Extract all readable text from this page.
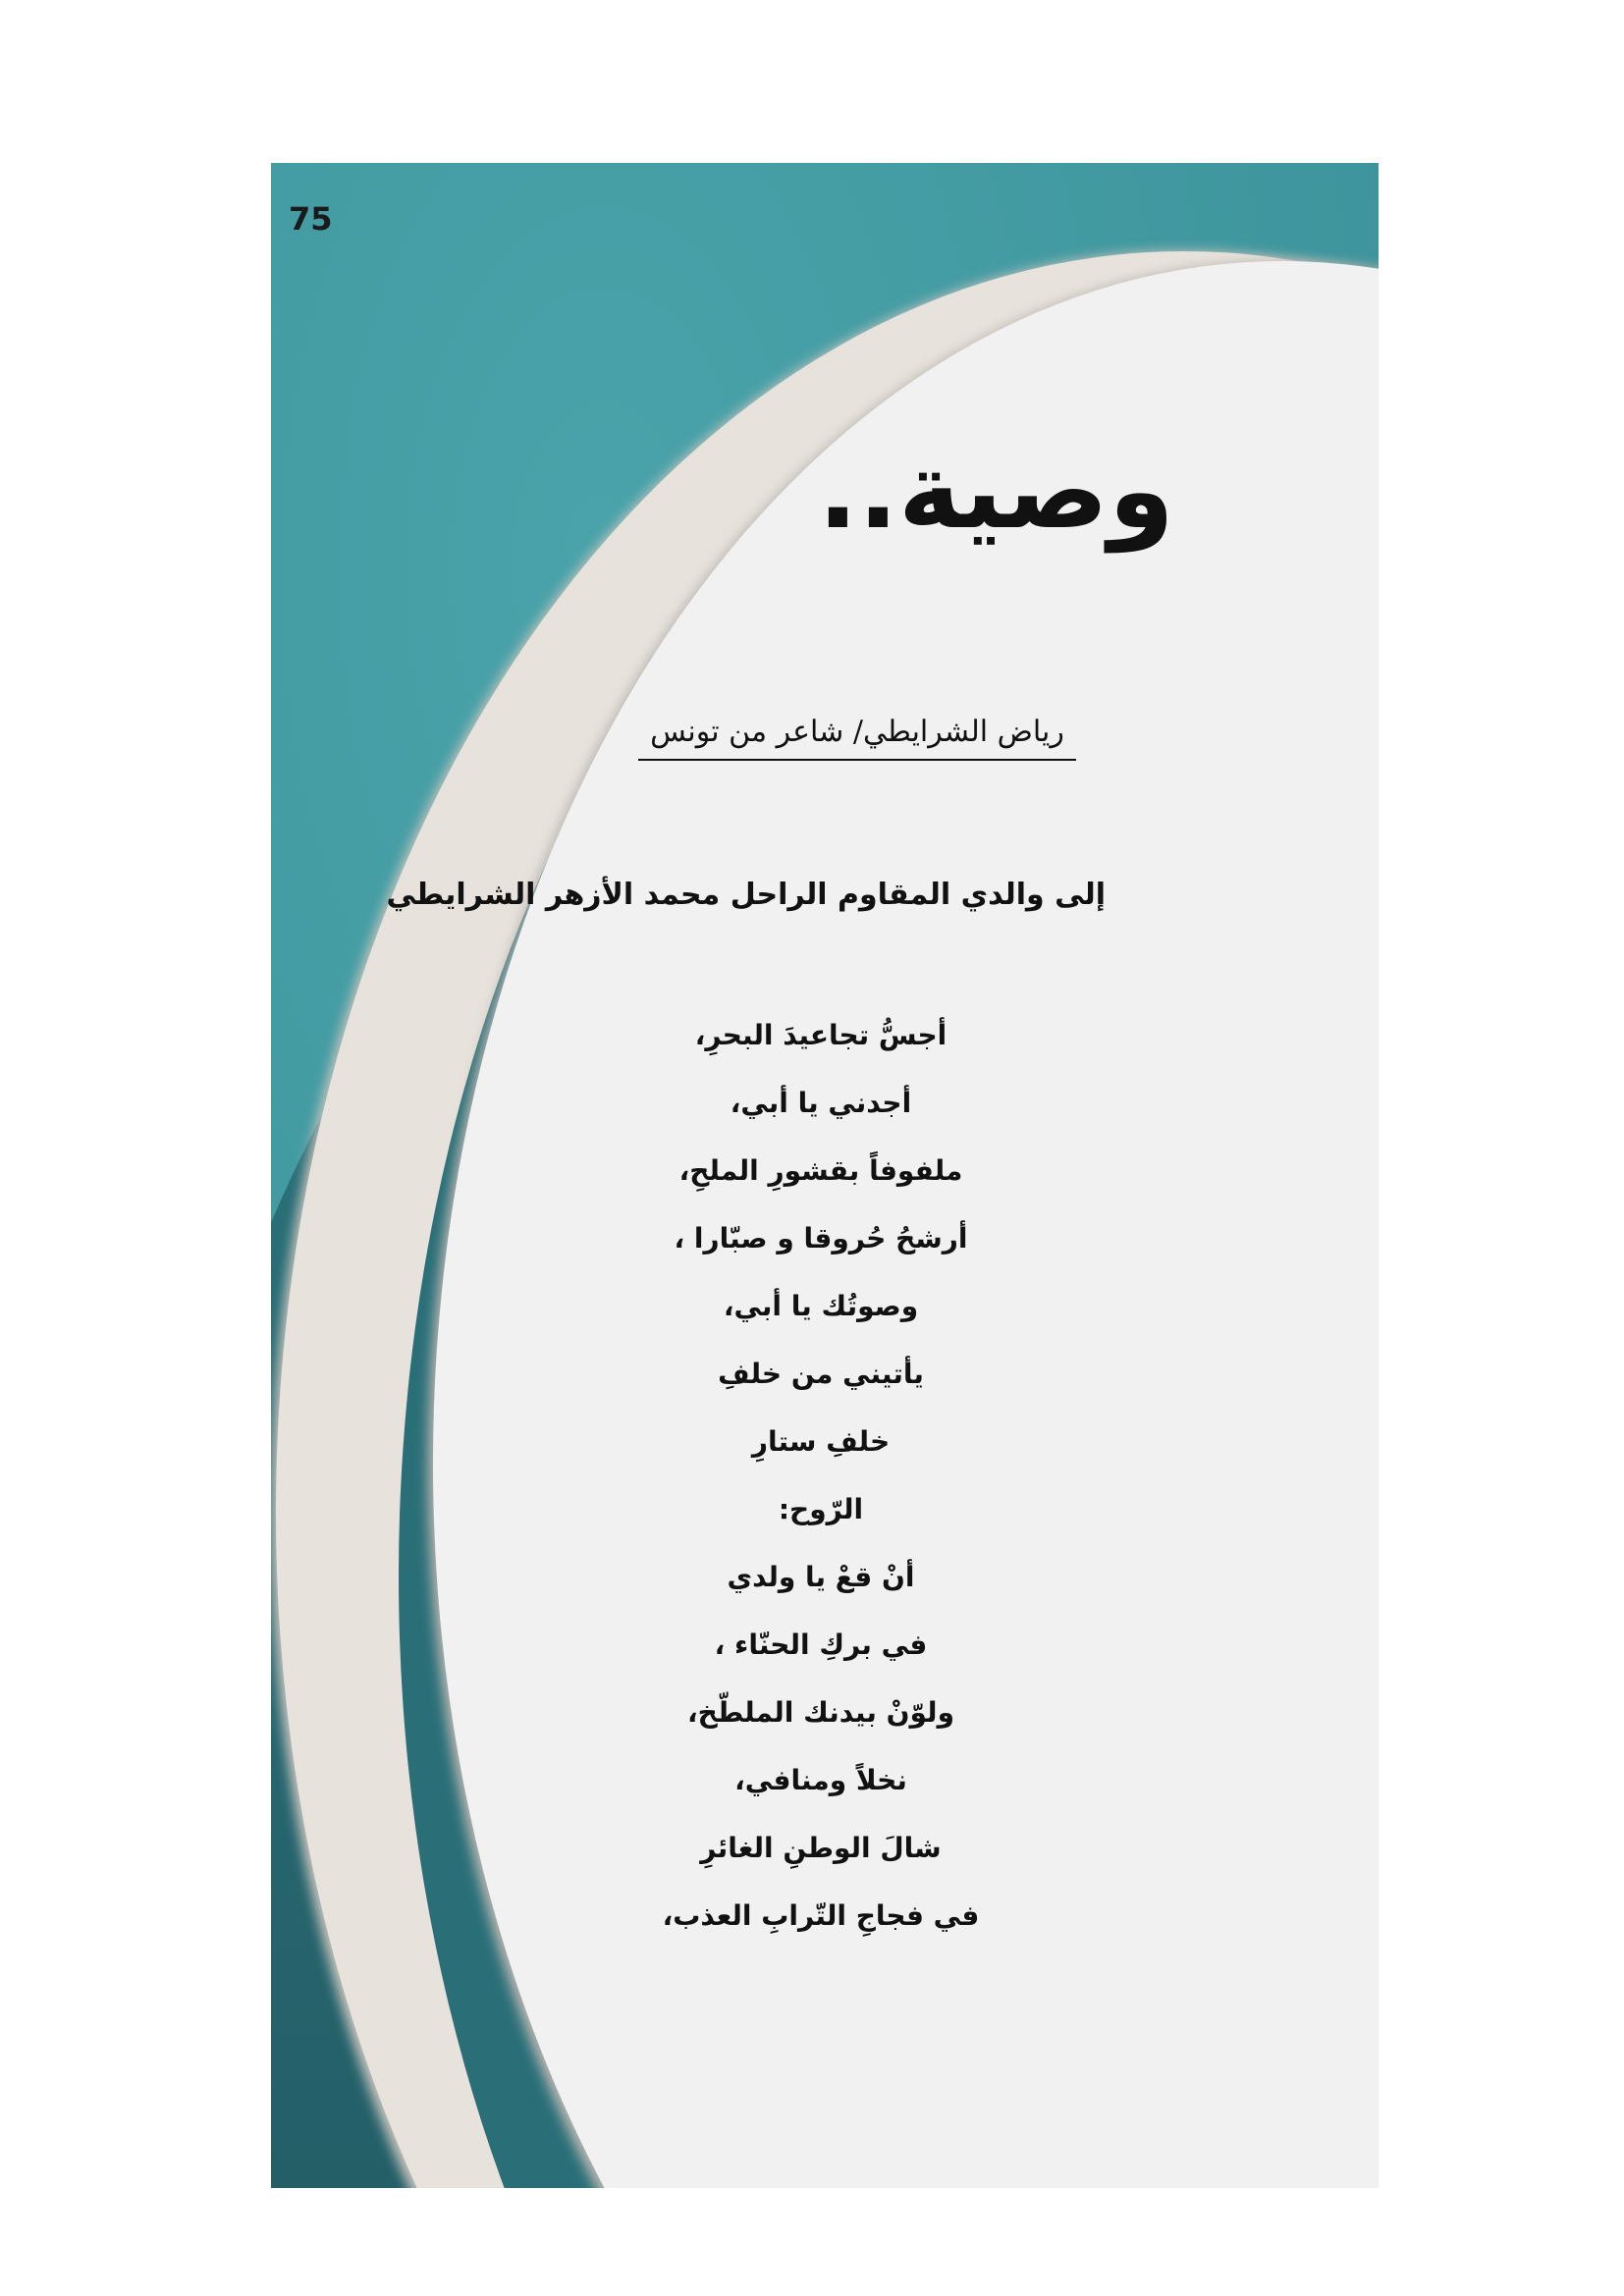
75
وصية..
رياض الشرايطي/ شاعر من تونس
إلى والدي المقاوم الراحل محمد الأزهر الشرايطي
أجسُّ تجاعيدَ البحرِ،
أجدني يا أبي،
ملفوفاً بقشورِ الملحِ،
أرشحُ حُروقا و صبّارا ،
وصوتُك يا أبي،
يأتيني من خلفِ
خلفِ ستارِ
الرّوح:
أنْ قعْ يا ولدي
في بركِ الحنّاء ،
ولوّنْ بيدنك الملطّخ،
نخلاً ومنافي،
شالَ الوطنِ الغائرِ
في فجاجِ التّرابِ العذب،
